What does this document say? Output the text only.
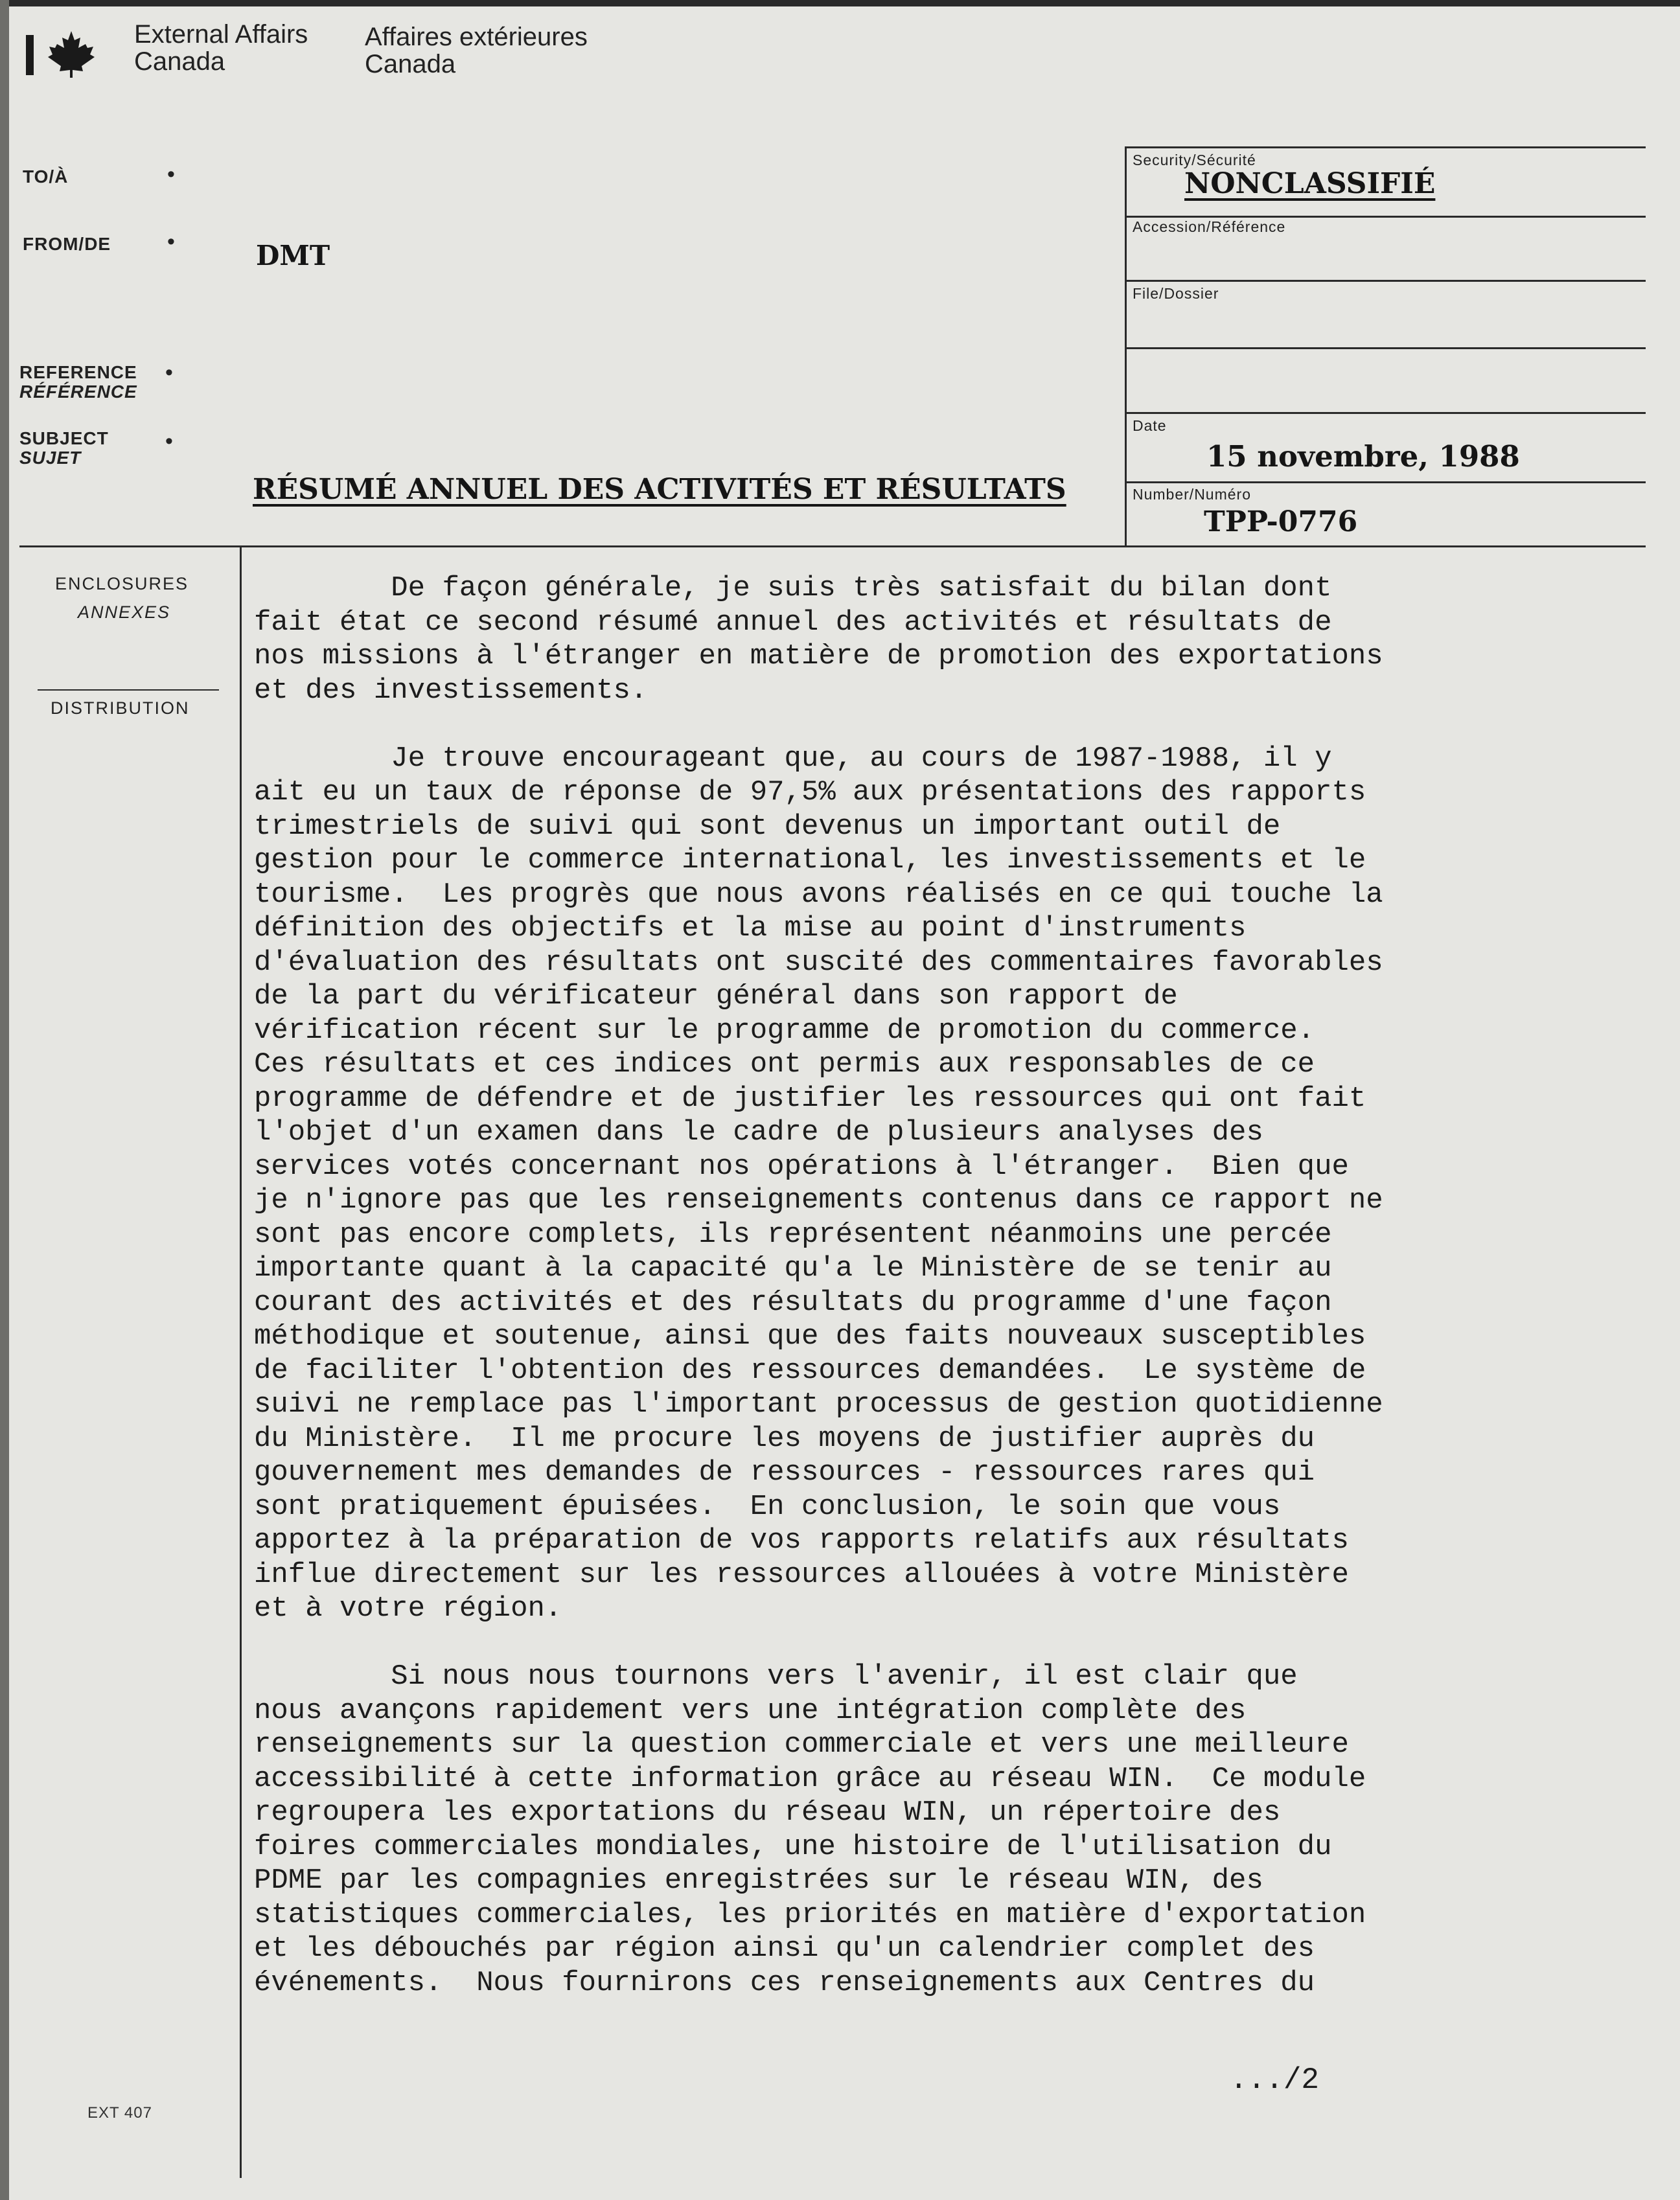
External Affairs
Canada
Affaires extérieures
Canada
TO/À	•
FROM/DE	•	DMT
REFERENCE
RÉFÉRENCE
•
SUBJECT
SUJET
•
RÉSUMÉ ANNUEL DES ACTIVITÉS ET RÉSULTATS
Security/Sécurité
NONCLASSIFIÉ
Accession/Référence
File/Dossier
Date
15 novembre, 1988
Number/Numéro
TPP-0776
ENCLOSURES
ANNEXES
DISTRIBUTION

De façon générale, je suis très satisfait du bilan dont
fait état ce second résumé annuel des activités et résultats de
nos missions à l'étranger en matière de promotion des exportations
et des investissements.

Je trouve encourageant que, au cours de 1987-1988, il y
ait eu un taux de réponse de 97,5% aux présentations des rapports
trimestriels de suivi qui sont devenus un important outil de
gestion pour le commerce international, les investissements et le
tourisme.  Les progrès que nous avons réalisés en ce qui touche la
définition des objectifs et la mise au point d'instruments
d'évaluation des résultats ont suscité des commentaires favorables
de la part du vérificateur général dans son rapport de
vérification récent sur le programme de promotion du commerce.
Ces résultats et ces indices ont permis aux responsables de ce
programme de défendre et de justifier les ressources qui ont fait
l'objet d'un examen dans le cadre de plusieurs analyses des
services votés concernant nos opérations à l'étranger.  Bien que
je n'ignore pas que les renseignements contenus dans ce rapport ne
sont pas encore complets, ils représentent néanmoins une percée
importante quant à la capacité qu'a le Ministère de se tenir au
courant des activités et des résultats du programme d'une façon
méthodique et soutenue, ainsi que des faits nouveaux susceptibles
de faciliter l'obtention des ressources demandées.  Le système de
suivi ne remplace pas l'important processus de gestion quotidienne
du Ministère.  Il me procure les moyens de justifier auprès du
gouvernement mes demandes de ressources - ressources rares qui
sont pratiquement épuisées.  En conclusion, le soin que vous
apportez à la préparation de vos rapports relatifs aux résultats
influe directement sur les ressources allouées à votre Ministère
et à votre région.

Si nous nous tournons vers l'avenir, il est clair que
nous avançons rapidement vers une intégration complète des
renseignements sur la question commerciale et vers une meilleure
accessibilité à cette information grâce au réseau WIN.  Ce module
regroupera les exportations du réseau WIN, un répertoire des
foires commerciales mondiales, une histoire de l'utilisation du
PDME par les compagnies enregistrées sur le réseau WIN, des
statistiques commerciales, les priorités en matière d'exportation
et les débouchés par région ainsi qu'un calendrier complet des
événements.  Nous fournirons ces renseignements aux Centres du

.../2
EXT 407
